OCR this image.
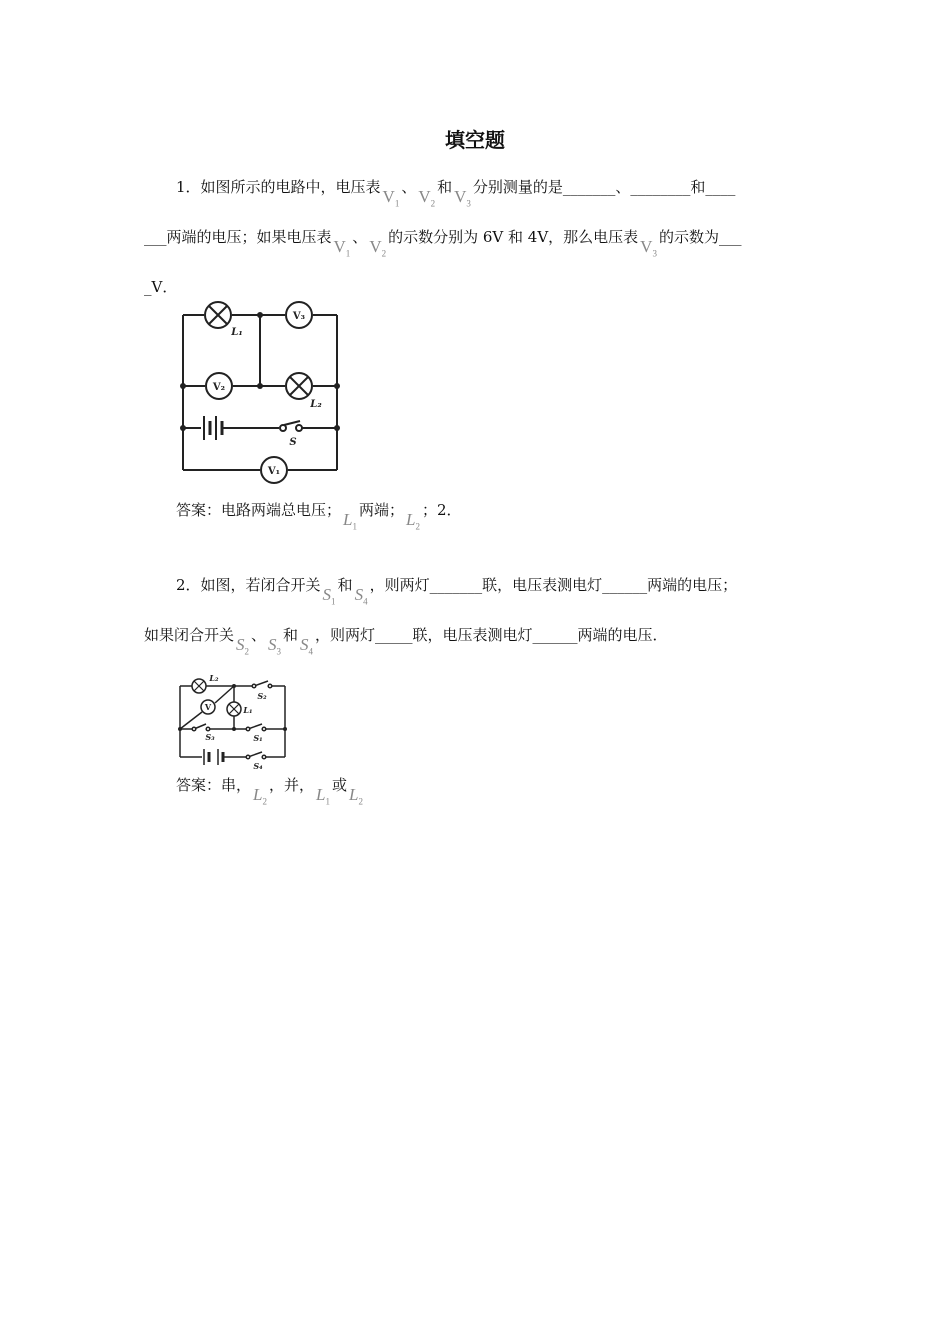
填空题
1．如图所示的电路中，电压表 $V_1$、 $V_2$和 $V_3$分别测量的是_______、________和____
___两端的电压；如果电压表 $V_1$、 $V_2$的示数分别为 6V 和 4V，那么电压表 $V_3$的示数为___
_V．
L₁
L₂
V₃
V₂
V₁
S
答案：电路两端总电压； $L_1$两端； $L_2$；2．
2．如图，若闭合开关 $S_1$和 $S_4$，则两灯_______联，电压表测电灯______两端的电压；
如果闭合开关 $S_2$、 $S_3$和 $S_4$，则两灯_____联，电压表测电灯______两端的电压．
L₂
L₁
V
S₂
S₃	S₁
S₄
答案：串， $L_2$，并， $L_1$或 $L_2$
